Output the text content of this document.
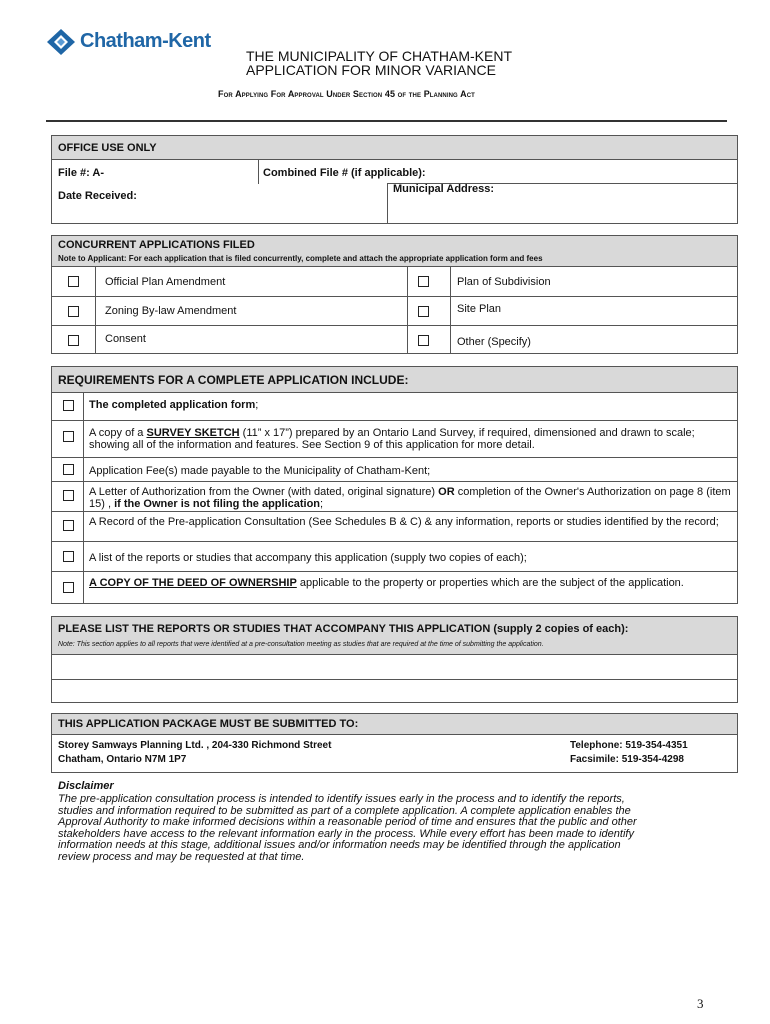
Chatham-Kent
THE MUNICIPALITY OF CHATHAM-KENT
APPLICATION FOR MINOR VARIANCE
For Applying For Approval Under Section 45 of the Planning Act
OFFICE USE ONLY
File #: A-	Combined File # (if applicable):
Municipal Address:
Date Received:
CONCURRENT APPLICATIONS FILED
Note to Applicant: For each application that is filed concurrently, complete and attach the appropriate application form and fees
Official Plan Amendment	Plan of Subdivision
Zoning By-law Amendment	Site Plan
Consent	Other (Specify)
REQUIREMENTS FOR A COMPLETE APPLICATION INCLUDE:
The completed application form;
A copy of a SURVEY SKETCH (11” x 17”) prepared by an Ontario Land Survey, if required, dimensioned and drawn to scale; showing all of the information and features. See Section 9 of this application for more detail.
Application Fee(s) made payable to the Municipality of Chatham-Kent;
A Letter of Authorization from the Owner (with dated, original signature) OR completion of the Owner's Authorization on page 8 (item 15) , if the Owner is not filing the application;
A Record of the Pre-application Consultation (See Schedules B & C) & any information, reports or studies identified by the record;
A list of the reports or studies that accompany this application (supply two copies of each);
A COPY OF THE DEED OF OWNERSHIP applicable to the property or properties which are the subject of the application.
PLEASE LIST THE REPORTS OR STUDIES THAT ACCOMPANY THIS APPLICATION (supply 2 copies of each):
Note: This section applies to all reports that were identified at a pre-consultation meeting as studies that are required at the time of submitting the application.
THIS APPLICATION PACKAGE MUST BE SUBMITTED TO:
Storey Samways Planning Ltd. , 204-330 Richmond Street
Chatham, Ontario N7M 1P7
Telephone: 519-354-4351
Facsimile: 519-354-4298
Disclaimer
The pre-application consultation process is intended to identify issues early in the process and to identify the reports,
studies and information required to be submitted as part of a complete application. A complete application enables the
Approval Authority to make informed decisions within a reasonable period of time and ensures that the public and other
stakeholders have access to the relevant information early in the process. While every effort has been made to identify
information needs at this stage, additional issues and/or information needs may be identified through the application
review process and may be requested at that time.
3
